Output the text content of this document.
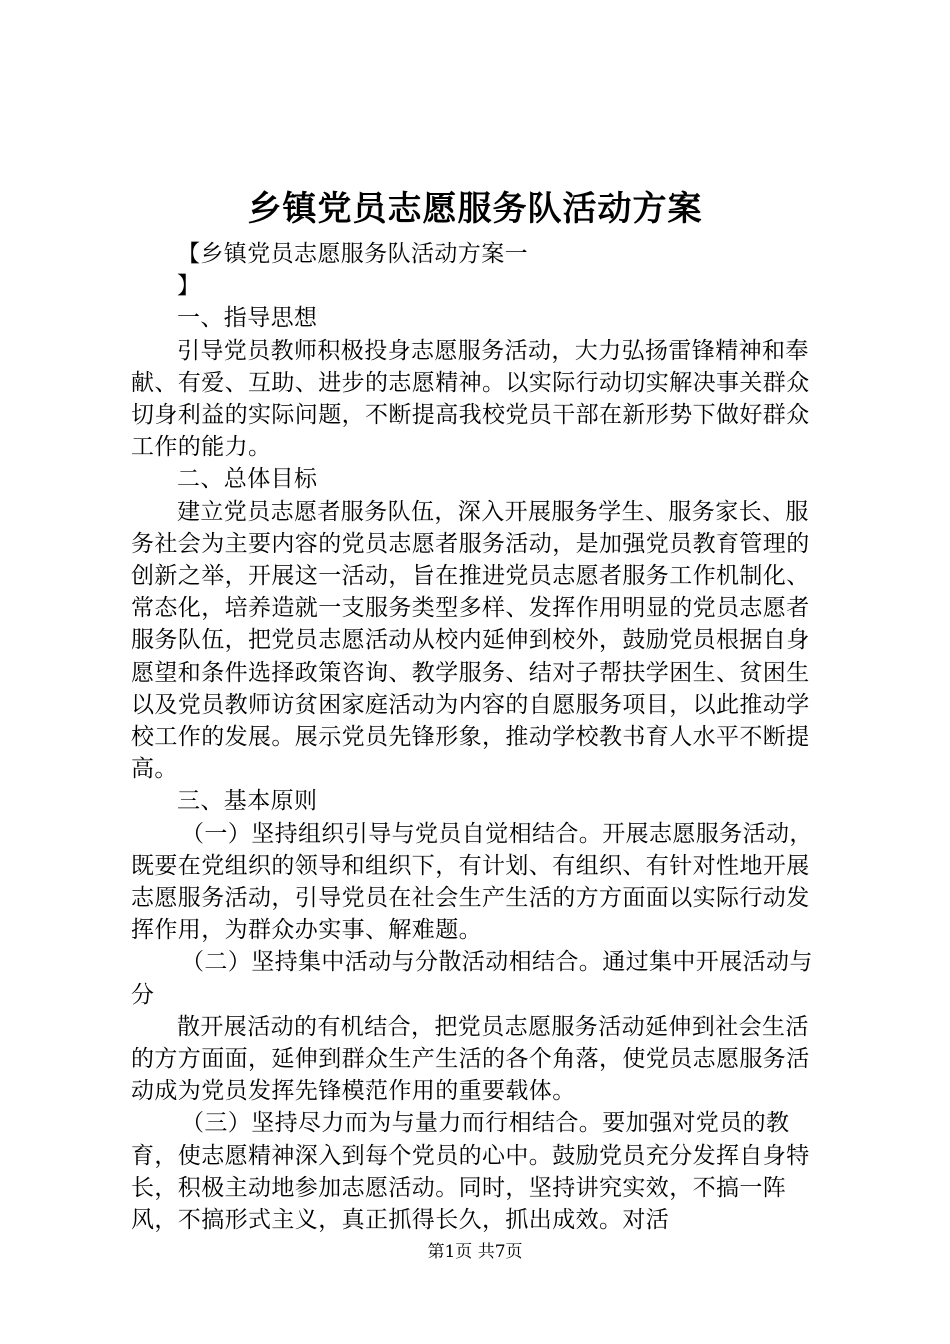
乡镇党员志愿服务队活动方案

【乡镇党员志愿服务队活动方案一

】

一、指导思想

引导党员教师积极投身志愿服务活动，大力弘扬雷锋精神和奉献、有爱、互助、进步的志愿精神。以实际行动切实解决事关群众切身利益的实际问题，不断提高我校党员干部在新形势下做好群众工作的能力。

二、总体目标

建立党员志愿者服务队伍，深入开展服务学生、服务家长、服务社会为主要内容的党员志愿者服务活动，是加强党员教育管理的创新之举，开展这一活动，旨在推进党员志愿者服务工作机制化、常态化，培养造就一支服务类型多样、发挥作用明显的党员志愿者服务队伍，把党员志愿活动从校内延伸到校外，鼓励党员根据自身愿望和条件选择政策咨询、教学服务、结对子帮扶学困生、贫困生以及党员教师访贫困家庭活动为内容的自愿服务项目，以此推动学校工作的发展。展示党员先锋形象，推动学校教书育人水平不断提高。

三、基本原则

（一）坚持组织引导与党员自觉相结合。开展志愿服务活动，既要在党组织的领导和组织下，有计划、有组织、有针对性地开展志愿服务活动，引导党员在社会生产生活的方方面面以实际行动发挥作用，为群众办实事、解难题。

（二）坚持集中活动与分散活动相结合。通过集中开展活动与分

散开展活动的有机结合，把党员志愿服务活动延伸到社会生活的方方面面，延伸到群众生产生活的各个角落，使党员志愿服务活动成为党员发挥先锋模范作用的重要载体。

（三）坚持尽力而为与量力而行相结合。要加强对党员的教育，使志愿精神深入到每个党员的心中。鼓励党员充分发挥自身特长，积极主动地参加志愿活动。同时，坚持讲究实效，不搞一阵风，不搞形式主义，真正抓得长久，抓出成效。对活

第1页 共7页
